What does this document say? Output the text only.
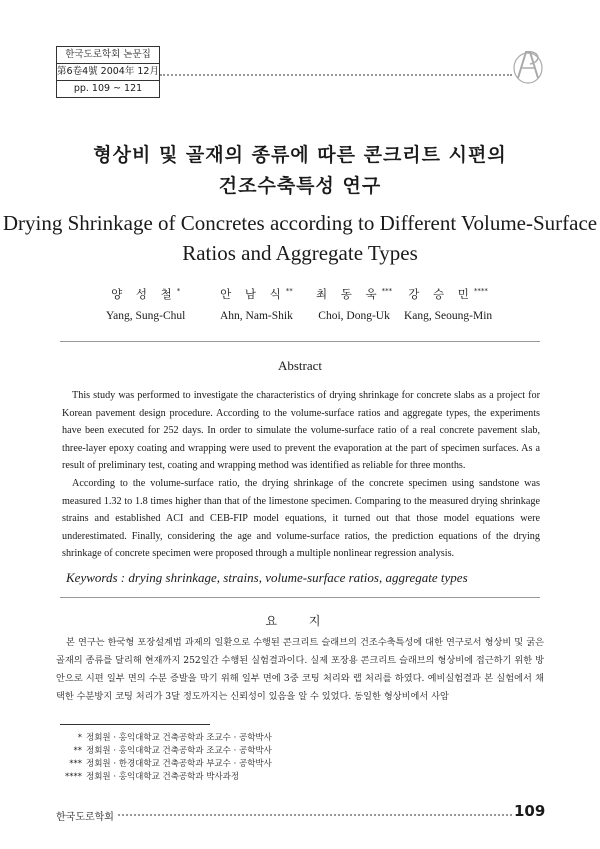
한국도로학회 논문집
第6卷4號 2004年 12月
pp. 109 ~ 121
형상비 및 골재의 종류에 따른 콘크리트 시편의
건조수축특성 연구
Drying Shrinkage of Concretes according to Different Volume-Surface
Ratios and Aggregate Types
양 성 철*
Yang, Sung-Chul
안 남 식**
Ahn, Nam-Shik
최 동 욱***
Choi, Dong-Uk
강 승 민****
Kang, Seoung-Min
Abstract

This study was performed to investigate the characteristics of drying shrinkage for concrete slabs as a project for Korean pavement design procedure. According to the volume-surface ratios and aggregate types, the experiments have been executed for 252 days. In order to simulate the volume-surface ratio of a real concrete pavement slab, three-layer epoxy coating and wrapping were used to prevent the evaporation at the part of specimen surfaces. As a result of preliminary test, coating and wrapping method was identified as reliable for three months.

According to the volume-surface ratio, the drying shrinkage of the concrete specimen using sandstone was measured 1.32 to 1.8 times higher than that of the limestone specimen. Comparing to the measured drying shrinkage strains and established ACI and CEB-FIP model equations, it turned out that those model equations were underestimated. Finally, considering the age and volume-surface ratios, the prediction equations of the drying shrinkage of concrete specimen were proposed through a multiple nonlinear regression analysis.

Keywords : drying shrinkage, strains, volume-surface ratios, aggregate types
요 지

본 연구는 한국형 포장설계법 과제의 일환으로 수행된 콘크리트 슬래브의 건조수축특성에 대한 연구로서 형상비 및 굵은 골재의 종류를 달리해 현재까지 252일간 수행된 실험결과이다. 실제 포장용 콘크리트 슬래브의 형상비에 접근하기 위한 방안으로 시편 일부 면의 수분 증발을 막기 위해 일부 면에 3중 코팅 처리와 랩 처리를 하였다. 예비실험결과 본 실험에서 채택한 수분방지 코팅 처리가 3달 정도까지는 신뢰성이 있음을 알 수 있었다. 동일한 형상비에서 사암

* 정회원 · 홍익대학교 건축공학과 조교수 · 공학박사
** 정회원 · 홍익대학교 건축공학과 조교수 · 공학박사
*** 정회원 · 한경대학교 건축공학과 부교수 · 공학박사
**** 정회원 · 홍익대학교 건축공학과 박사과정
한국도로학회	109
